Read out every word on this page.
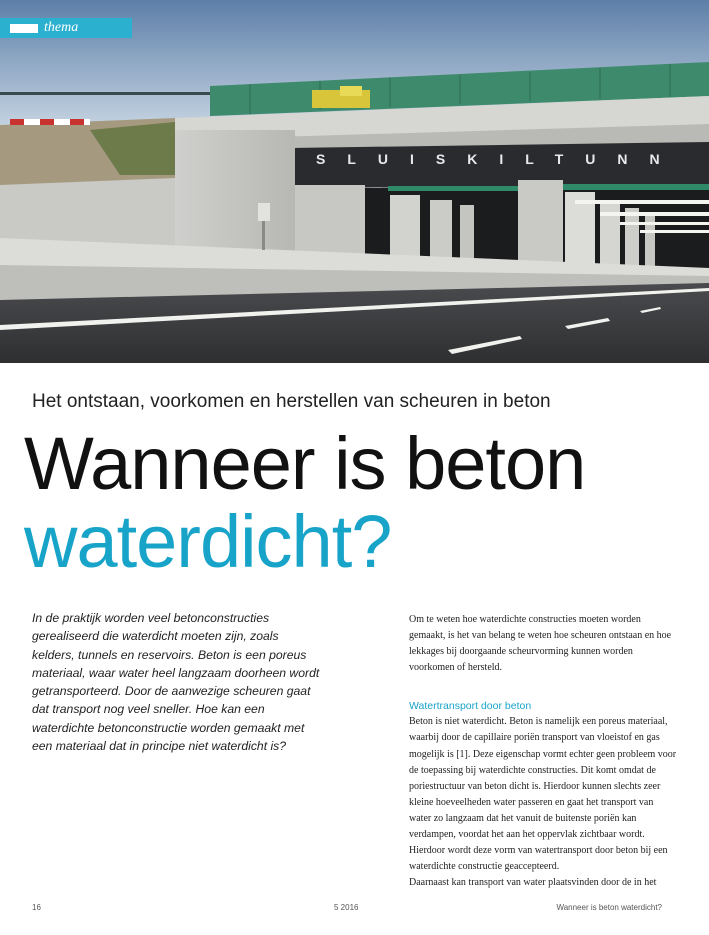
SLUISKILTUNN
thema
Het ontstaan, voorkomen en herstellen van scheuren in beton
Wanneer is beton
waterdicht?

In de praktijk worden veel betonconstructies gerealiseerd die waterdicht moeten zijn, zoals kelders, tunnels en reservoirs. Beton is een poreus materiaal, waar water heel langzaam doorheen wordt getransporteerd. Door de aanwezige scheuren gaat dat transport nog veel sneller. Hoe kan een waterdichte betonconstructie worden gemaakt met een materiaal dat in principe niet waterdicht is?

Om te weten hoe waterdichte constructies moeten worden gemaakt, is het van belang te weten hoe scheuren ontstaan en hoe lekkages bij doorgaande scheurvorming kunnen worden voorkomen of hersteld.

Watertransport door beton

Beton is niet waterdicht. Beton is namelijk een poreus materiaal, waarbij door de capillaire poriën transport van vloeistof en gas mogelijk is [1]. Deze eigenschap vormt echter geen probleem voor de toepassing bij waterdichte constructies. Dit komt omdat de poriestructuur van beton dicht is. Hierdoor kunnen slechts zeer kleine hoeveelheden water passeren en gaat het transport van water zo langzaam dat het vanuit de buitenste poriën kan verdampen, voordat het aan het oppervlak zichtbaar wordt. Hierdoor wordt deze vorm van watertransport door beton bij een waterdichte constructie geaccepteerd.

Daarnaast kan transport van water plaatsvinden door de in het

16	5 2016	Wanneer is beton waterdicht?
